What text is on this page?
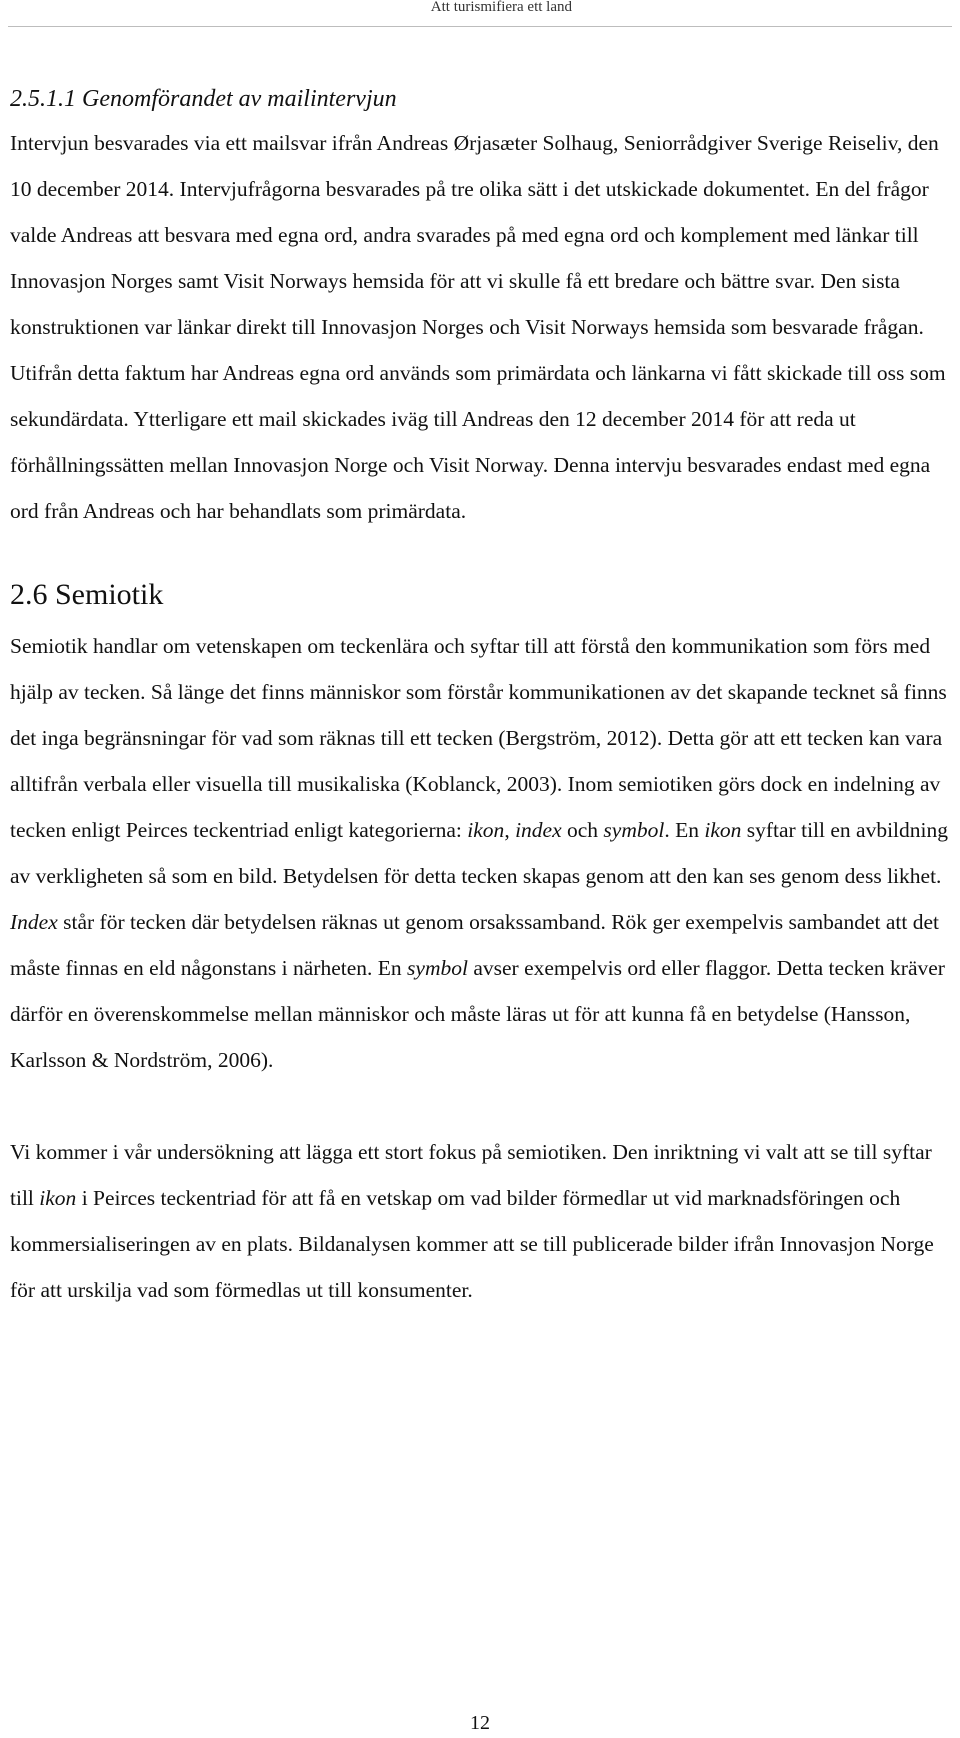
Att turismifiera ett land
2.5.1.1 Genomförandet av mailintervjun

Intervjun besvarades via ett mailsvar ifrån Andreas Ørjasæter Solhaug, Seniorrådgiver Sverige Reiseliv, den 10 december 2014. Intervjufrågorna besvarades på tre olika sätt i det utskickade dokumentet. En del frågor valde Andreas att besvara med egna ord, andra svarades på med egna ord och komplement med länkar till Innovasjon Norges samt Visit Norways hemsida för att vi skulle få ett bredare och bättre svar. Den sista konstruktionen var länkar direkt till Innovasjon Norges och Visit Norways hemsida som besvarade frågan. Utifrån detta faktum har Andreas egna ord används som primärdata och länkarna vi fått skickade till oss som sekundärdata. Ytterligare ett mail skickades iväg till Andreas den 12 december 2014 för att reda ut förhållningssätten mellan Innovasjon Norge och Visit Norway. Denna intervju besvarades endast med egna ord från Andreas och har behandlats som primärdata.

2.6 Semiotik

Semiotik handlar om vetenskapen om teckenlära och syftar till att förstå den kommunikation som förs med hjälp av tecken. Så länge det finns människor som förstår kommunikationen av det skapande tecknet så finns det inga begränsningar för vad som räknas till ett tecken (Bergström, 2012). Detta gör att ett tecken kan vara alltifrån verbala eller visuella till musikaliska (Koblanck, 2003). Inom semiotiken görs dock en indelning av tecken enligt Peirces teckentriad enligt kategorierna: ikon, index och symbol. En ikon syftar till en avbildning av verkligheten så som en bild. Betydelsen för detta tecken skapas genom att den kan ses genom dess likhet. Index står för tecken där betydelsen räknas ut genom orsakssamband. Rök ger exempelvis sambandet att det måste finnas en eld någonstans i närheten. En symbol avser exempelvis ord eller flaggor. Detta tecken kräver därför en överenskommelse mellan människor och måste läras ut för att kunna få en betydelse (Hansson, Karlsson & Nordström, 2006).

Vi kommer i vår undersökning att lägga ett stort fokus på semiotiken. Den inriktning vi valt att se till syftar till ikon i Peirces teckentriad för att få en vetskap om vad bilder förmedlar ut vid marknadsföringen och kommersialiseringen av en plats. Bildanalysen kommer att se till publicerade bilder ifrån Innovasjon Norge för att urskilja vad som förmedlas ut till konsumenter.

12
